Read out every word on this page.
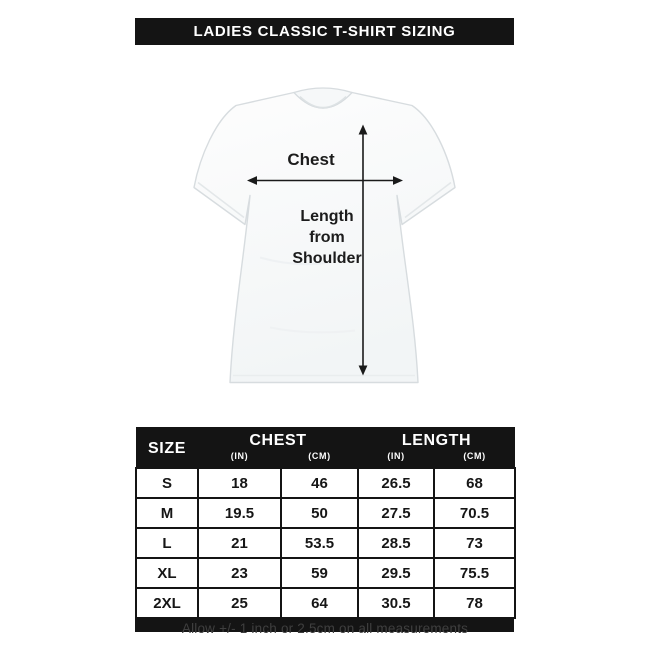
LADIES CLASSIC T-SHIRT SIZING
Chest
Length from Shoulder
SIZE	CHEST		LENGTH	
	(IN)	(CM)	(IN)	(CM)
S	18	46	26.5	68
M	19.5	50	27.5	70.5
L	21	53.5	28.5	73
XL	23	59	29.5	75.5
2XL	25	64	30.5	78
Allow +/- 1 inch or 2.5cm on all measurements
